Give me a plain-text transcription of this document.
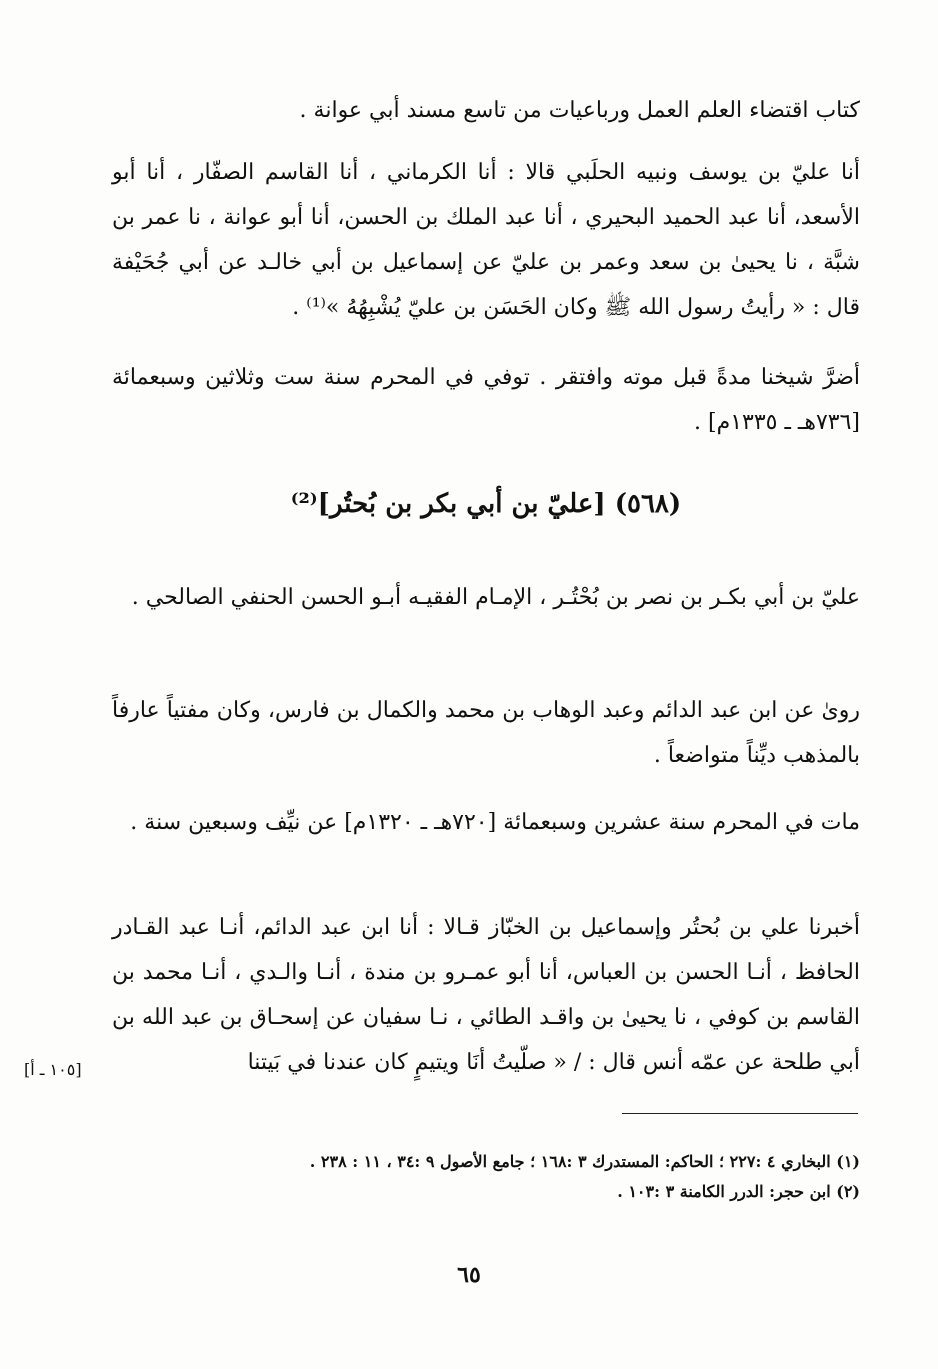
كتاب اقتضاء العلم العمل ورباعيات من تاسع مسند أبي عوانة .
أنا عليّ بن يوسف ونبيه الحلَبي قالا : أنا الكرماني ، أنا القاسم الصفّار ، أنا أبو الأسعد، أنا عبد الحميد البحيري ، أنا عبد الملك بن الحسن، أنا أبو عوانة ، نا عمر بن شبَّة ، نا يحيىٰ بن سعد وعمر بن عليّ عن إسماعيل بن أبي خالـد عن أبي جُحَيْفة قال : « رأيتُ رسول الله ﷺ وكان الحَسَن بن عليّ يُشْبِهُهُ »⁽¹⁾ .
أضرَّ شيخنا مدةً قبل موته وافتقر . توفي في المحرم سنة ست وثلاثين وسبعمائة [٧٣٦هـ ـ ١٣٣٥م] .
(٥٦٨) [عليّ بن أبي بكر بن بُحتُر]⁽²⁾
عليّ بن أبي بكـر بن نصر بن بُحْتُـر ، الإمـام الفقيـه أبـو الحسن الحنفي الصالحي .
روىٰ عن ابن عبد الدائم وعبد الوهاب بن محمد والكمال بن فارس، وكان مفتياً عارفاً بالمذهب ديِّناً متواضعاً .
مات في المحرم سنة عشرين وسبعمائة [٧٢٠هـ ـ ١٣٢٠م] عن نيِّف وسبعين سنة .
أخبرنا علي بن بُحتُر وإسماعيل بن الخبّاز قـالا : أنا ابن عبد الدائم، أنـا عبد القـادر الحافظ ، أنـا الحسن بن العباس، أنا أبو عمـرو بن مندة ، أنـا والـدي ، أنـا محمد بن القاسم بن كوفي ، نا يحيىٰ بن واقـد الطائي ، نـا سفيان عن إسحـاق بن عبد الله بن أبي طلحة عن عمّه أنس قال : / « صلّيتُ أنَا ويتيمٍ كان عندنا في بَيتنا
[١٠٥ ـ أ]
(١) البخاري ٤ :٢٢٧ ؛ الحاكم: المستدرك ٣ :١٦٨ ؛ جامع الأصول ٩ :٣٤ ، ١١ : ٢٣٨ .
(٢) ابن حجر: الدرر الكامنة ٣ :١٠٣ .
٦٥
